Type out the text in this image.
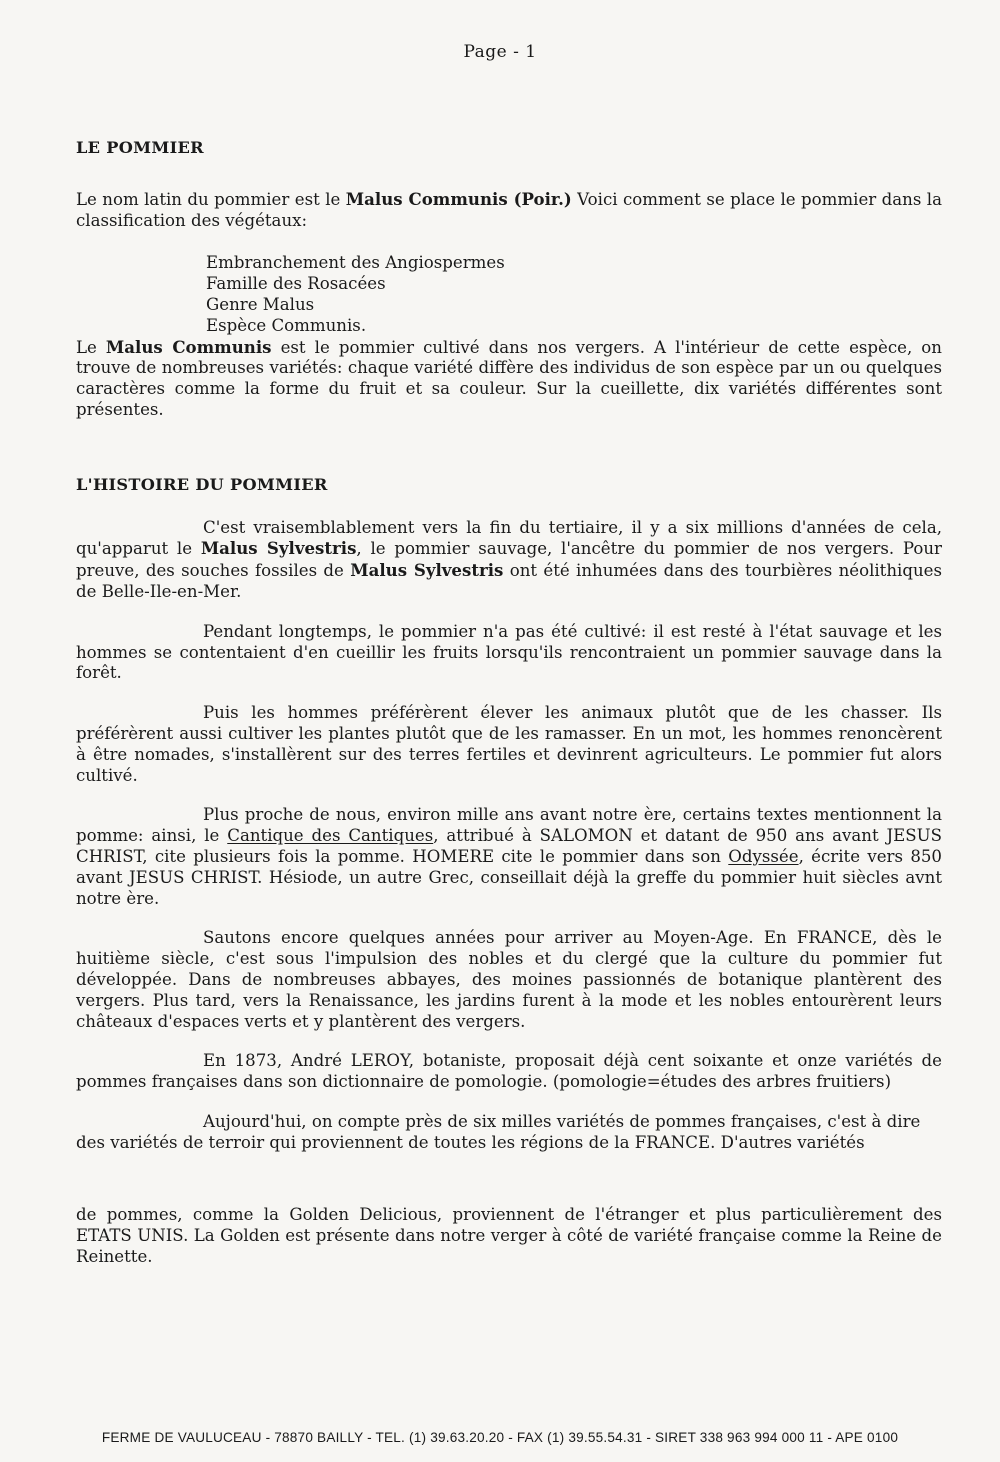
Page - 1
LE POMMIER

Le nom latin du pommier est le Malus Communis (Poir.) Voici comment se place le pommier dans la classification des végétaux:

Embranchement des Angiospermes
Famille des Rosacées
Genre Malus
Espèce Communis.

Le Malus Communis est le pommier cultivé dans nos vergers. A l'intérieur de cette espèce, on trouve de nombreuses variétés: chaque variété diffère des individus de son espèce par un ou quelques caractères comme la forme du fruit et sa couleur. Sur la cueillette, dix variétés différentes sont présentes.

L'HISTOIRE DU POMMIER

C'est vraisemblablement vers la fin du tertiaire, il y a six millions d'années de cela, qu'apparut le Malus Sylvestris, le pommier sauvage, l'ancêtre du pommier de nos vergers. Pour preuve, des souches fossiles de Malus Sylvestris ont été inhumées dans des tourbières néolithiques de Belle-Ile-en-Mer.

Pendant longtemps, le pommier n'a pas été cultivé: il est resté à l'état sauvage et les hommes se contentaient d'en cueillir les fruits lorsqu'ils rencontraient un pommier sauvage dans la forêt.

Puis les hommes préférèrent élever les animaux plutôt que de les chasser. Ils préférèrent aussi cultiver les plantes plutôt que de les ramasser. En un mot, les hommes renoncèrent à être nomades, s'installèrent sur des terres fertiles et devinrent agriculteurs. Le pommier fut alors cultivé.

Plus proche de nous, environ mille ans avant notre ère, certains textes mentionnent la pomme: ainsi, le Cantique des Cantiques, attribué à SALOMON et datant de 950 ans avant JESUS CHRIST, cite plusieurs fois la pomme. HOMERE cite le pommier dans son Odyssée, écrite vers 850 avant JESUS CHRIST. Hésiode, un autre Grec, conseillait déjà la greffe du pommier huit siècles avnt notre ère.

Sautons encore quelques années pour arriver au Moyen-Age. En FRANCE, dès le huitième siècle, c'est sous l'impulsion des nobles et du clergé que la culture du pommier fut développée. Dans de nombreuses abbayes, des moines passionnés de botanique plantèrent des vergers. Plus tard, vers la Renaissance, les jardins furent à la mode et les nobles entourèrent leurs châteaux d'espaces verts et y plantèrent des vergers.

En 1873, André LEROY, botaniste, proposait déjà cent soixante et onze variétés de pommes françaises dans son dictionnaire de pomologie. (pomologie=études des arbres fruitiers)

Aujourd'hui, on compte près de six milles variétés de pommes françaises, c'est à dire des variétés de terroir qui proviennent de toutes les régions de la FRANCE. D'autres variétés

de pommes, comme la Golden Delicious, proviennent de l'étranger et plus particulièrement des ETATS UNIS. La Golden est présente dans notre verger à côté de variété française comme la Reine de Reinette.

FERME DE VAULUCEAU - 78870 BAILLY - TEL. (1) 39.63.20.20 - FAX (1) 39.55.54.31 - SIRET 338 963 994 000 11 - APE 0100
